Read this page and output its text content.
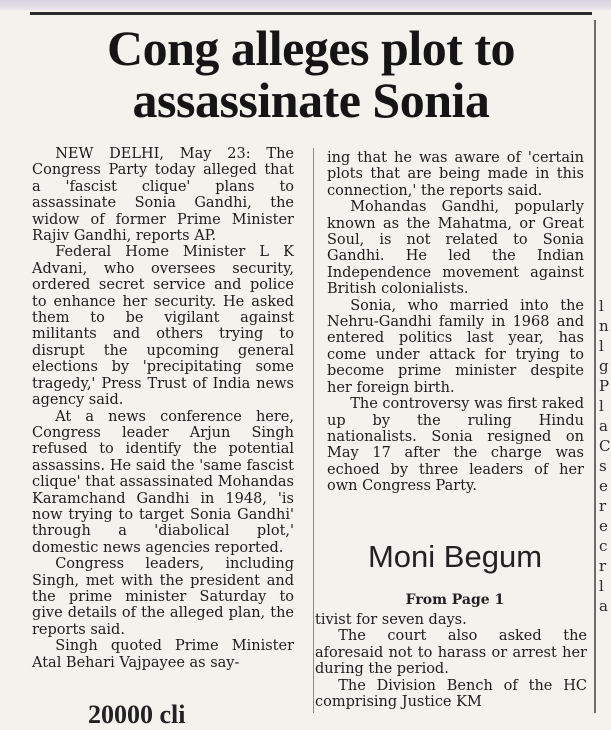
Cong alleges plot to
assassinate Sonia

NEW DELHI, May 23: The Congress Party today alleged that a 'fascist clique' plans to assassinate Sonia Gandhi, the widow of former Prime Minister Rajiv Gandhi, reports AP.

Federal Home Minister L K Advani, who oversees security, ordered secret service and police to enhance her security. He asked them to be vigilant against militants and others trying to disrupt the upcoming general elections by 'precipitating some tragedy,' Press Trust of India news agency said.

At a news conference here, Congress leader Arjun Singh refused to identify the potential assassins. He said the 'same fascist clique' that assassinated Mohandas Karamchand Gandhi in 1948, 'is now trying to target Sonia Gandhi' through a 'diabolical plot,' domestic news agencies reported.

Congress leaders, including Singh, met with the president and the prime minister Saturday to give details of the alleged plan, the reports said.

Singh quoted Prime Minister Atal Behari Vajpayee as say-

ing that he was aware of 'certain plots that are being made in this connection,' the reports said.

Mohandas Gandhi, popularly known as the Mahatma, or Great Soul, is not related to Sonia Gandhi. He led the Indian Independence movement against British colonialists.

Sonia, who married into the Nehru-Gandhi family in 1968 and entered politics last year, has come under attack for trying to become prime minister despite her foreign birth.

The controversy was first raked up by the ruling Hindu nationalists. Sonia resigned on May 17 after the charge was echoed by three leaders of her own Congress Party.

Moni Begum
From Page 1

tivist for seven days.

The court also asked the aforesaid not to harass or arrest her during the period.

The Division Bench of the HC comprising Justice KM

20000 cli
l
n
l
g
P
l
a
C
s
e
r
e
c
r
l
a
